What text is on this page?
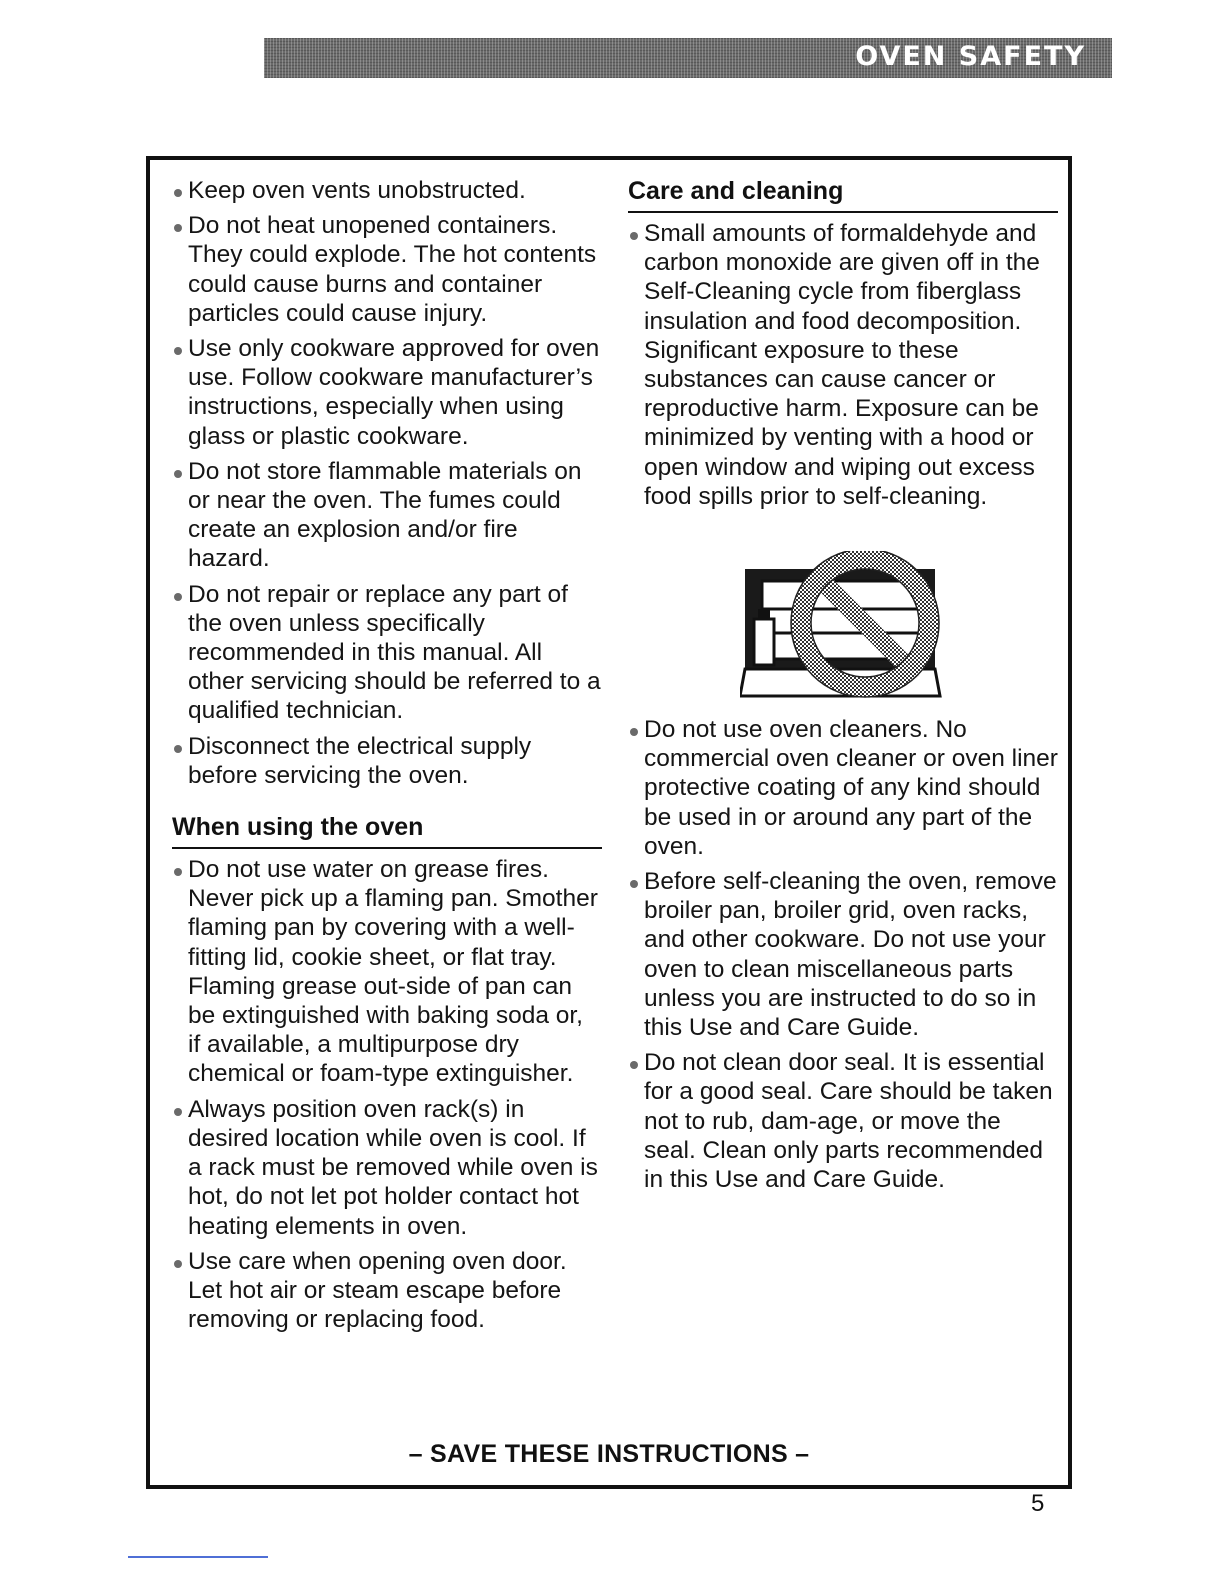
OVEN SAFETY
Keep oven vents unobstructed.
Do not heat unopened containers. They could explode. The hot contents could cause burns and container particles could cause injury.
Use only cookware approved for oven use. Follow cookware manufacturer’s instructions, especially when using glass or plastic cookware.
Do not store flammable materials on or near the oven. The fumes could create an explosion and/or fire hazard.
Do not repair or replace any part of the oven unless specifically recommended in this manual. All other servicing should be referred to a qualified technician.
Disconnect the electrical supply before servicing the oven.
When using the oven
Do not use water on grease fires. Never pick up a flaming pan. Smother flaming pan by covering with a well-fitting lid, cookie sheet, or flat tray. Flaming grease out-side of pan can be extinguished with baking soda or, if available, a multipurpose dry chemical or foam-type extinguisher.
Always position oven rack(s) in desired location while oven is cool. If a rack must be removed while oven is hot, do not let pot holder contact hot heating elements in oven.
Use care when opening oven door. Let hot air or steam escape before removing or replacing food.
Care and cleaning
Small amounts of formaldehyde and carbon monoxide are given off in the Self-Cleaning cycle from fiberglass insulation and food decomposition. Significant exposure to these substances can cause cancer or reproductive harm. Exposure can be minimized by venting with a hood or open window and wiping out excess food spills prior to self-cleaning.
Do not use oven cleaners. No commercial oven cleaner or oven liner protective coating of any kind should be used in or around any part of the oven.
Before self-cleaning the oven, remove broiler pan, broiler grid, oven racks, and other cookware. Do not use your oven to clean miscellaneous parts unless you are instructed to do so in this Use and Care Guide.
Do not clean door seal. It is essential for a good seal. Care should be taken not to rub, dam-age, or move the seal. Clean only parts recommended in this Use and Care Guide.
– SAVE THESE INSTRUCTIONS –
5
